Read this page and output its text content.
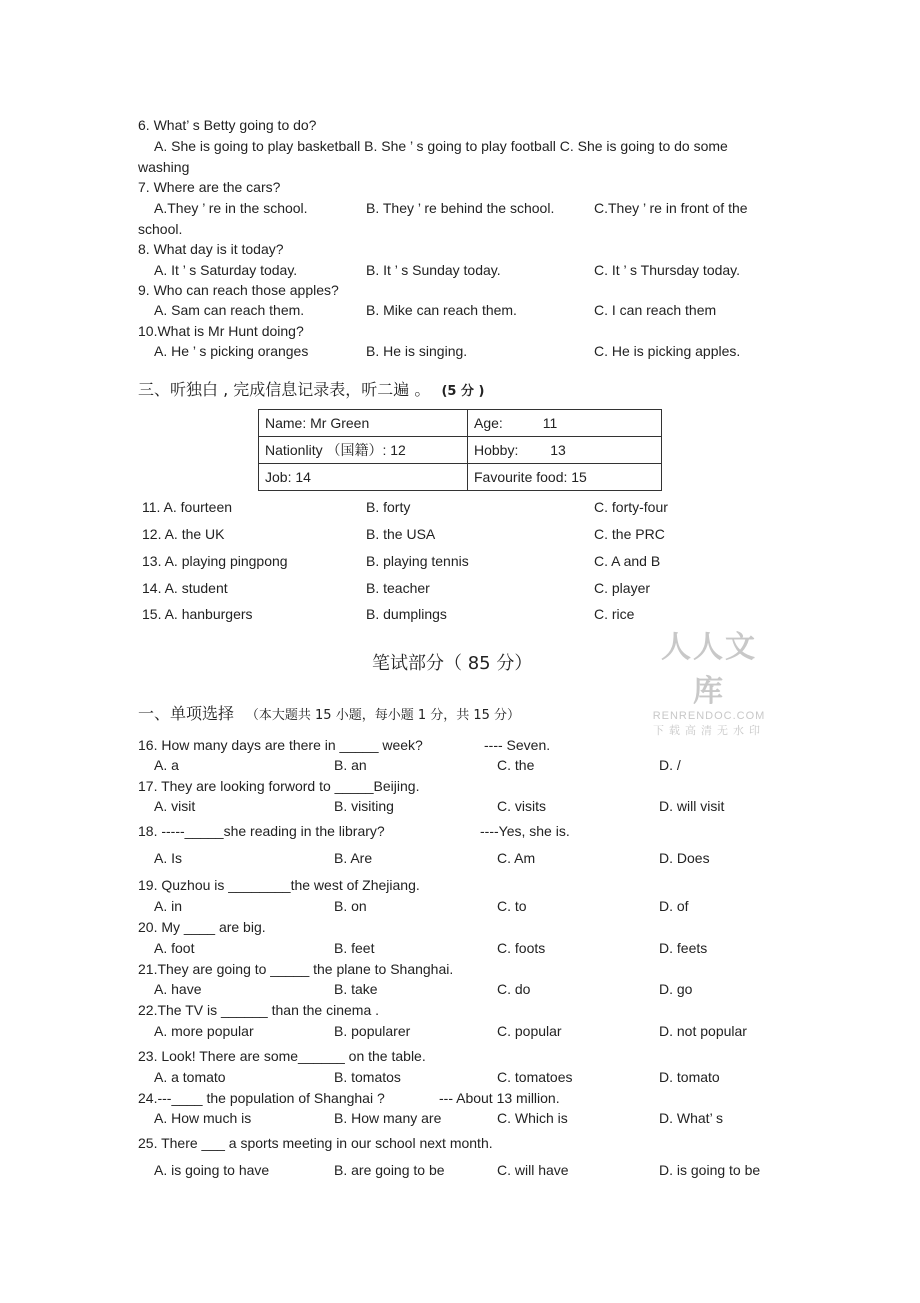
6. What’ s Betty going to do?
A. She is going to play basketball B. She ’ s going to play football C. She is going to do some
washing
7. Where are the cars?
A.They ’ re in the school.	B. They ’ re behind the school.	C.They ’ re in front of the
school.
8. What day is it today?
A. It ’ s Saturday today.	B. It ’ s Sunday today.	C. It ’ s Thursday today.
9. Who can reach those apples?
A. Sam can reach them.	B. Mike can reach them.	C. I can reach them
10.What is Mr Hunt doing?
A. He ’ s picking oranges	B. He is singing.	C. He is picking apples.
三、听独白 , 完成信息记录表，听二遍 。 (5 分 )
Name: Mr Green	Age: 11
Nationlity （国籍）: 12	Hobby: 13
Job: 14	Favourite food: 15
11. A. fourteen	B. forty	C. forty-four
12. A. the UK	B. the USA	C. the PRC
13. A. playing pingpong	B. playing tennis	C. A and B
14. A. student	B. teacher	C. player
15. A. hanburgers	B. dumplings	C. rice
人人文库
RENRENDOC.COM
下载高清无水印
笔试部分（ 85 分）
一、单项选择 （本大题共 15 小题，每小题 1 分，共 15 分）
16. How many days are there in _____ week?	---- Seven.
A. a	B. an	C. the	D. /
17. They are looking forword to _____Beijing.
A. visit	B. visiting	C. visits	D. will visit
18. -----_____she reading in the library?	----Yes, she is.
A. Is	B. Are	C. Am	D. Does
19. Quzhou is ________the west of Zhejiang.
A. in	B. on	C. to	D. of
20. My ____ are big.
A. foot	B. feet	C. foots	D. feets
21.They are going to _____ the plane to Shanghai.
A. have	B. take	C. do	D. go
22.The TV is ______ than the cinema .
A. more popular	B. popularer	C. popular	D. not popular
23. Look! There are some______ on the table.
A. a tomato	B. tomatos	C. tomatoes	D. tomato
24.---____ the population of Shanghai ?	--- About 13 million.
A. How much is	B. How many are	C. Which is	D. What’ s
25. There ___ a sports meeting in our school next month.
A. is going to have	B. are going to be	C. will have	D. is going to be
